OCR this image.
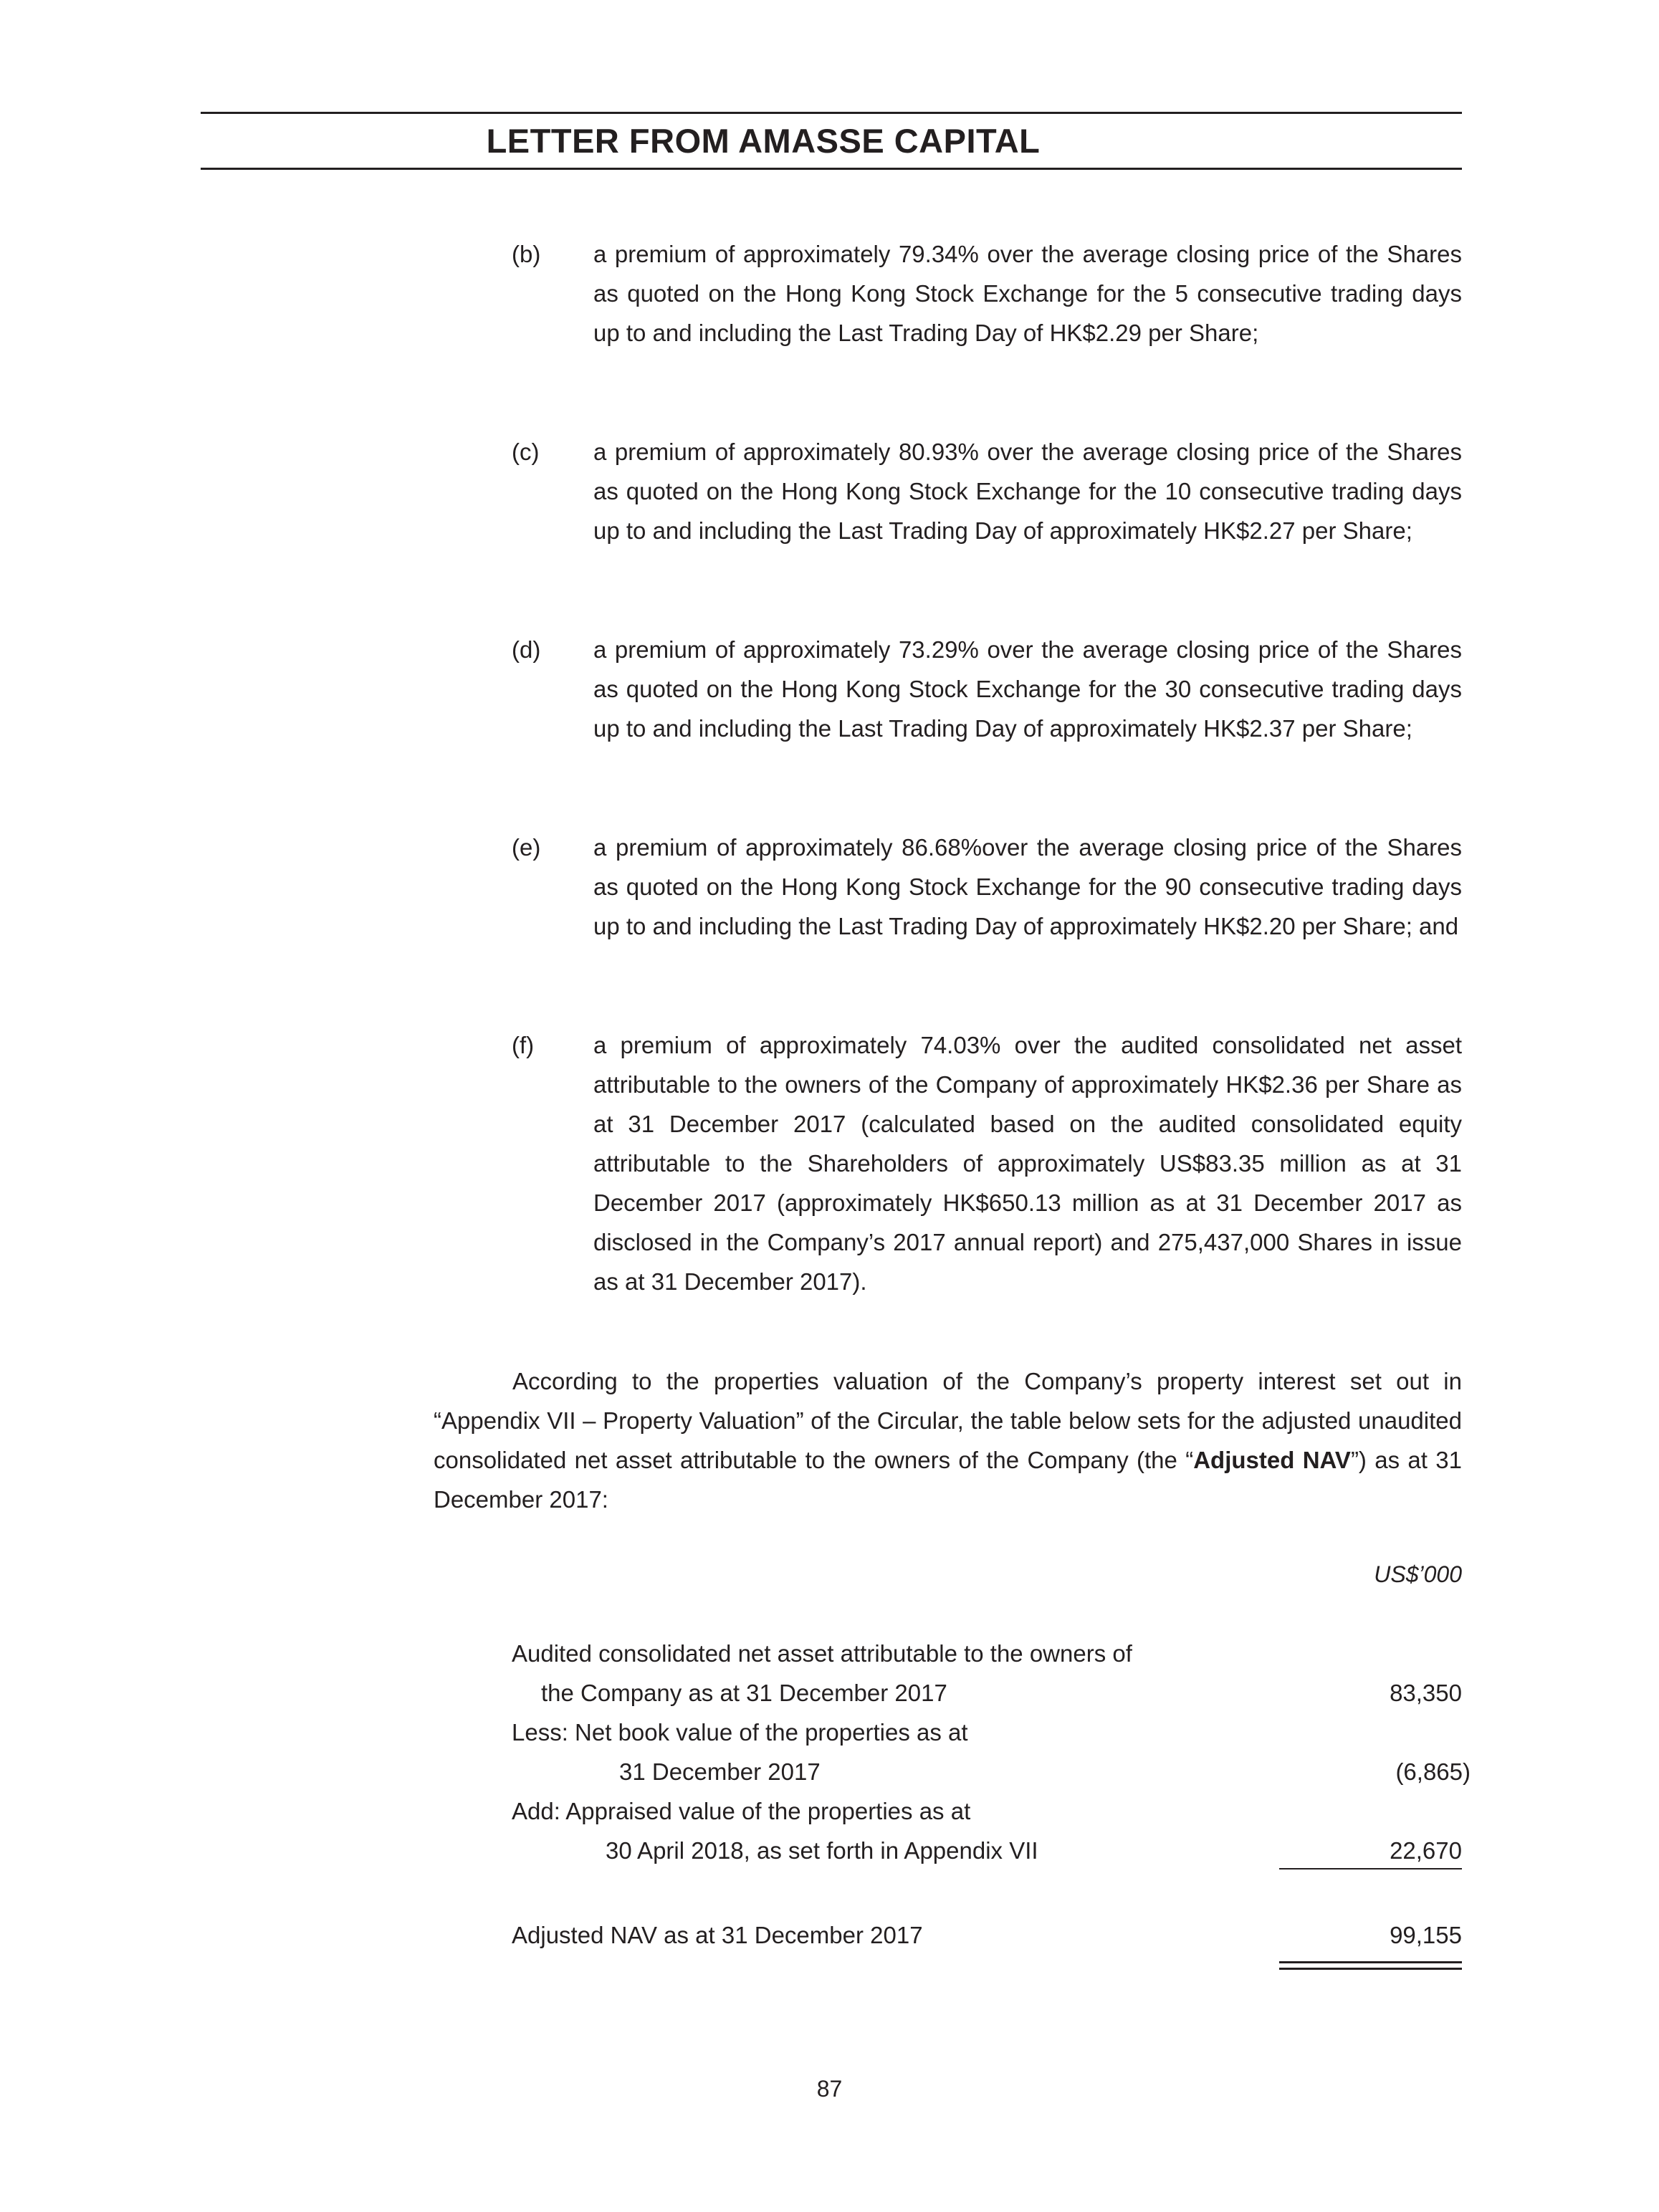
LETTER FROM AMASSE CAPITAL
(b) a premium of approximately 79.34% over the average closing price of the Shares as quoted on the Hong Kong Stock Exchange for the 5 consecutive trading days up to and including the Last Trading Day of HK$2.29 per Share;
(c) a premium of approximately 80.93% over the average closing price of the Shares as quoted on the Hong Kong Stock Exchange for the 10 consecutive trading days up to and including the Last Trading Day of approximately HK$2.27 per Share;
(d) a premium of approximately 73.29% over the average closing price of the Shares as quoted on the Hong Kong Stock Exchange for the 30 consecutive trading days up to and including the Last Trading Day of approximately HK$2.37 per Share;
(e) a premium of approximately 86.68%over the average closing price of the Shares as quoted on the Hong Kong Stock Exchange for the 90 consecutive trading days up to and including the Last Trading Day of approximately HK$2.20 per Share; and
(f)	a premium of approximately 74.03% over the audited consolidated net asset attributable to the owners of the Company of approximately HK$2.36 per Share as at 31 December 2017 (calculated based on the audited consolidated equity attributable to the Shareholders of approximately US$83.35 million as at 31 December 2017 (approximately HK$650.13 million as at 31 December 2017 as disclosed in the Company’s 2017 annual report) and 275,437,000 Shares in issue as at 31 December 2017).
According to the properties valuation of the Company’s property interest set out in “Appendix VII – Property Valuation” of the Circular, the table below sets for the adjusted unaudited consolidated net asset attributable to the owners of the Company (the “Adjusted NAV”) as at 31 December 2017:
US$’000
Audited consolidated net asset attributable to the owners of
the Company as at 31 December 2017	83,350
Less: Net book value of the properties as at
31 December 2017	(6,865)
Add: Appraised value of the properties as at
30 April 2018, as set forth in Appendix VII	22,670
Adjusted NAV as at 31 December 2017	99,155
87
